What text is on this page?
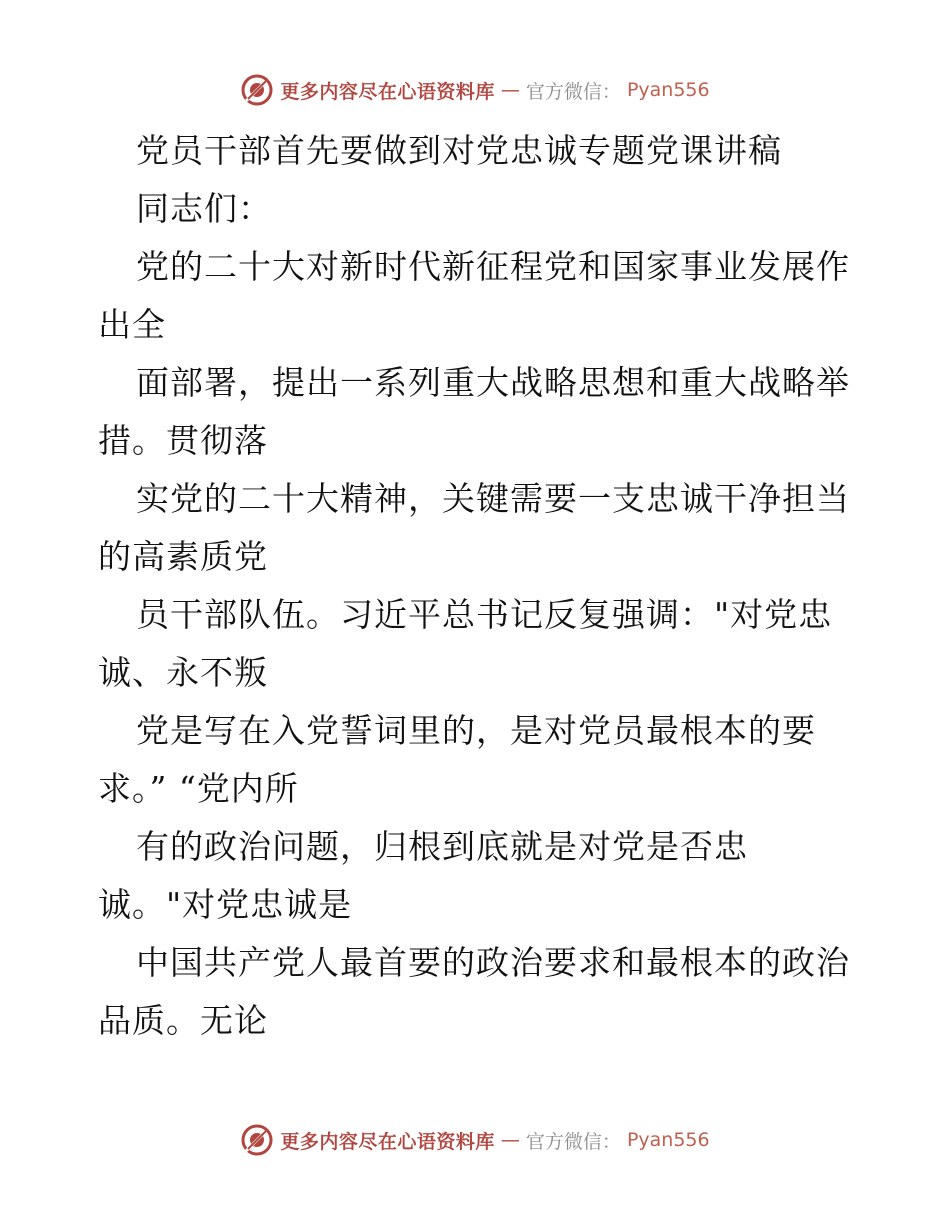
更多内容尽在心语资料库 — 官方微信： Pyan556
党员干部首先要做到对党忠诚专题党课讲稿
同志们：
党的二十大对新时代新征程党和国家事业发展作
出全
面部署，提出一系列重大战略思想和重大战略举
措。贯彻落
实党的二十大精神，关键需要一支忠诚干净担当
的高素质党
员干部队伍。习近平总书记反复强调："对党忠
诚、永不叛
党是写在入党誓词里的，是对党员最根本的要
求。” “党内所
有的政治问题，归根到底就是对党是否忠
诚。"对党忠诚是
中国共产党人最首要的政治要求和最根本的政治
品质。无论
更多内容尽在心语资料库 — 官方微信： Pyan556
